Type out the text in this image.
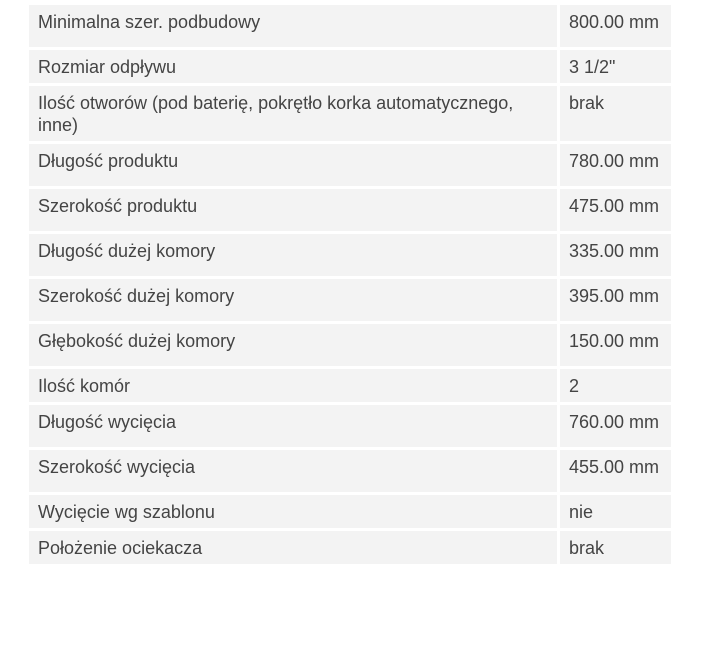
Minimalna szer. podbudowy	800.00 mm
Rozmiar odpływu	3 1/2"
Ilość otworów (pod baterię, pokrętło korka automatycznego, inne)	brak
Długość produktu	780.00 mm
Szerokość produktu	475.00 mm
Długość dużej komory	335.00 mm
Szerokość dużej komory	395.00 mm
Głębokość dużej komory	150.00 mm
Ilość komór	2
Długość wycięcia	760.00 mm
Szerokość wycięcia	455.00 mm
Wycięcie wg szablonu	nie
Położenie ociekacza	brak
